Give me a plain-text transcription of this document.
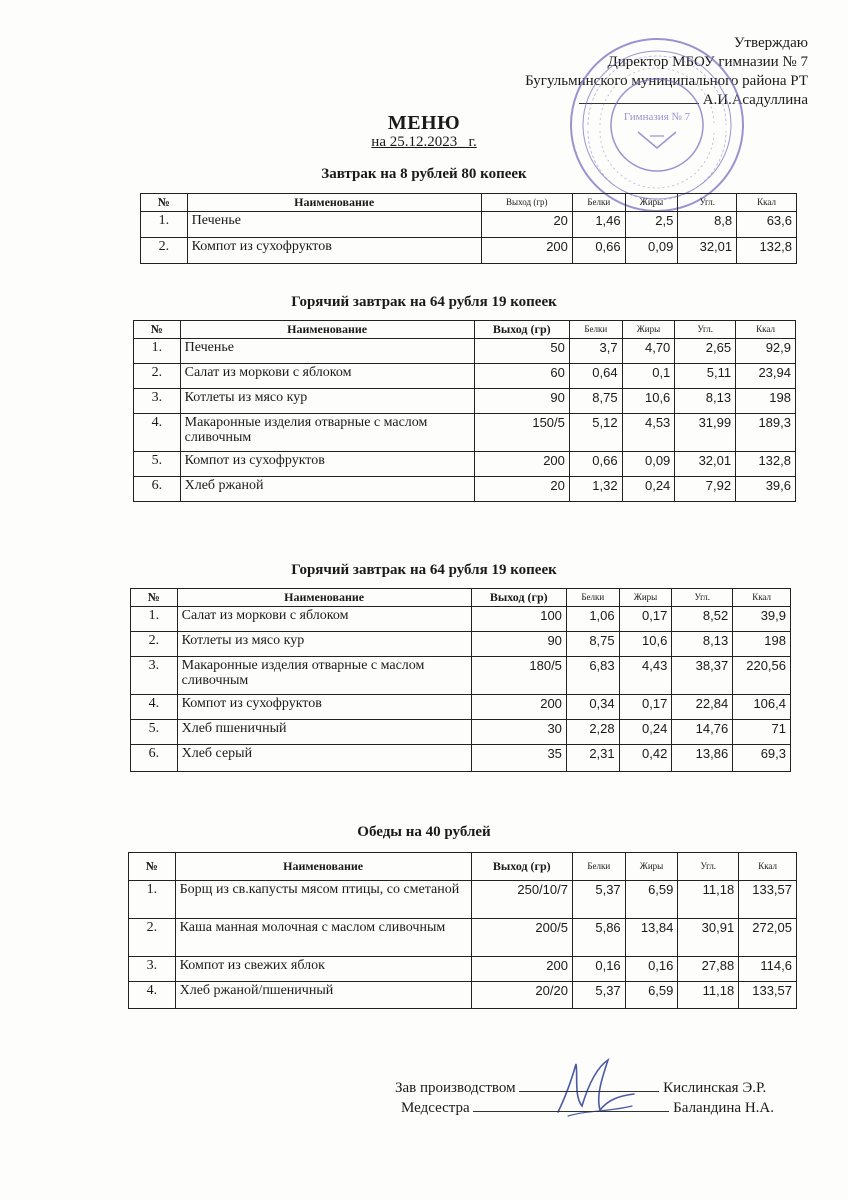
Утверждаю
Директор МБОУ гимназии № 7
Бугульминского муниципального района РТ
А.И.Асадуллина
Гимназия № 7
МЕНЮ
на 25.12.2023_ г.
Завтрак на 8 рублей 80 копеек
№	Наименование	Выход (гр)	Белки	Жиры	Угл.	Ккал
1.	Печенье	20	1,46	2,5	8,8	63,6
2.	Компот из сухофруктов	200	0,66	0,09	32,01	132,8
Горячий завтрак на 64 рубля 19 копеек
№	Наименование	Выход (гр)	Белки	Жиры	Угл.	Ккал
1.	Печенье	50	3,7	4,70	2,65	92,9
2.	Салат из моркови с яблоком	60	0,64	0,1	5,11	23,94
3.	Котлеты из мясо кур	90	8,75	10,6	8,13	198
4.	Макаронные изделия отварные с маслом сливочным	150/5	5,12	4,53	31,99	189,3
5.	Компот из сухофруктов	200	0,66	0,09	32,01	132,8
6.	Хлеб ржаной	20	1,32	0,24	7,92	39,6
Горячий завтрак на 64 рубля 19 копеек
№	Наименование	Выход (гр)	Белки	Жиры	Угл.	Ккал
1.	Салат из моркови с яблоком	100	1,06	0,17	8,52	39,9
2.	Котлеты из мясо кур	90	8,75	10,6	8,13	198
3.	Макаронные изделия отварные с маслом сливочным	180/5	6,83	4,43	38,37	220,56
4.	Компот из сухофруктов	200	0,34	0,17	22,84	106,4
5.	Хлеб пшеничный	30	2,28	0,24	14,76	71
6.	Хлеб серый	35	2,31	0,42	13,86	69,3
Обеды на 40 рублей
№	Наименование	Выход (гр)	Белки	Жиры	Угл.	Ккал
1.	Борщ из св.капусты мясом птицы, со сметаной	250/10/7	5,37	6,59	11,18	133,57
2.	Каша манная молочная с маслом сливочным	200/5	5,86	13,84	30,91	272,05
3.	Компот из свежих яблок	200	0,16	0,16	27,88	114,6
4.	Хлеб ржаной/пшеничный	20/20	5,37	6,59	11,18	133,57
Зав производством	Кислинская Э.Р.
Медсестра	Баландина Н.А.
